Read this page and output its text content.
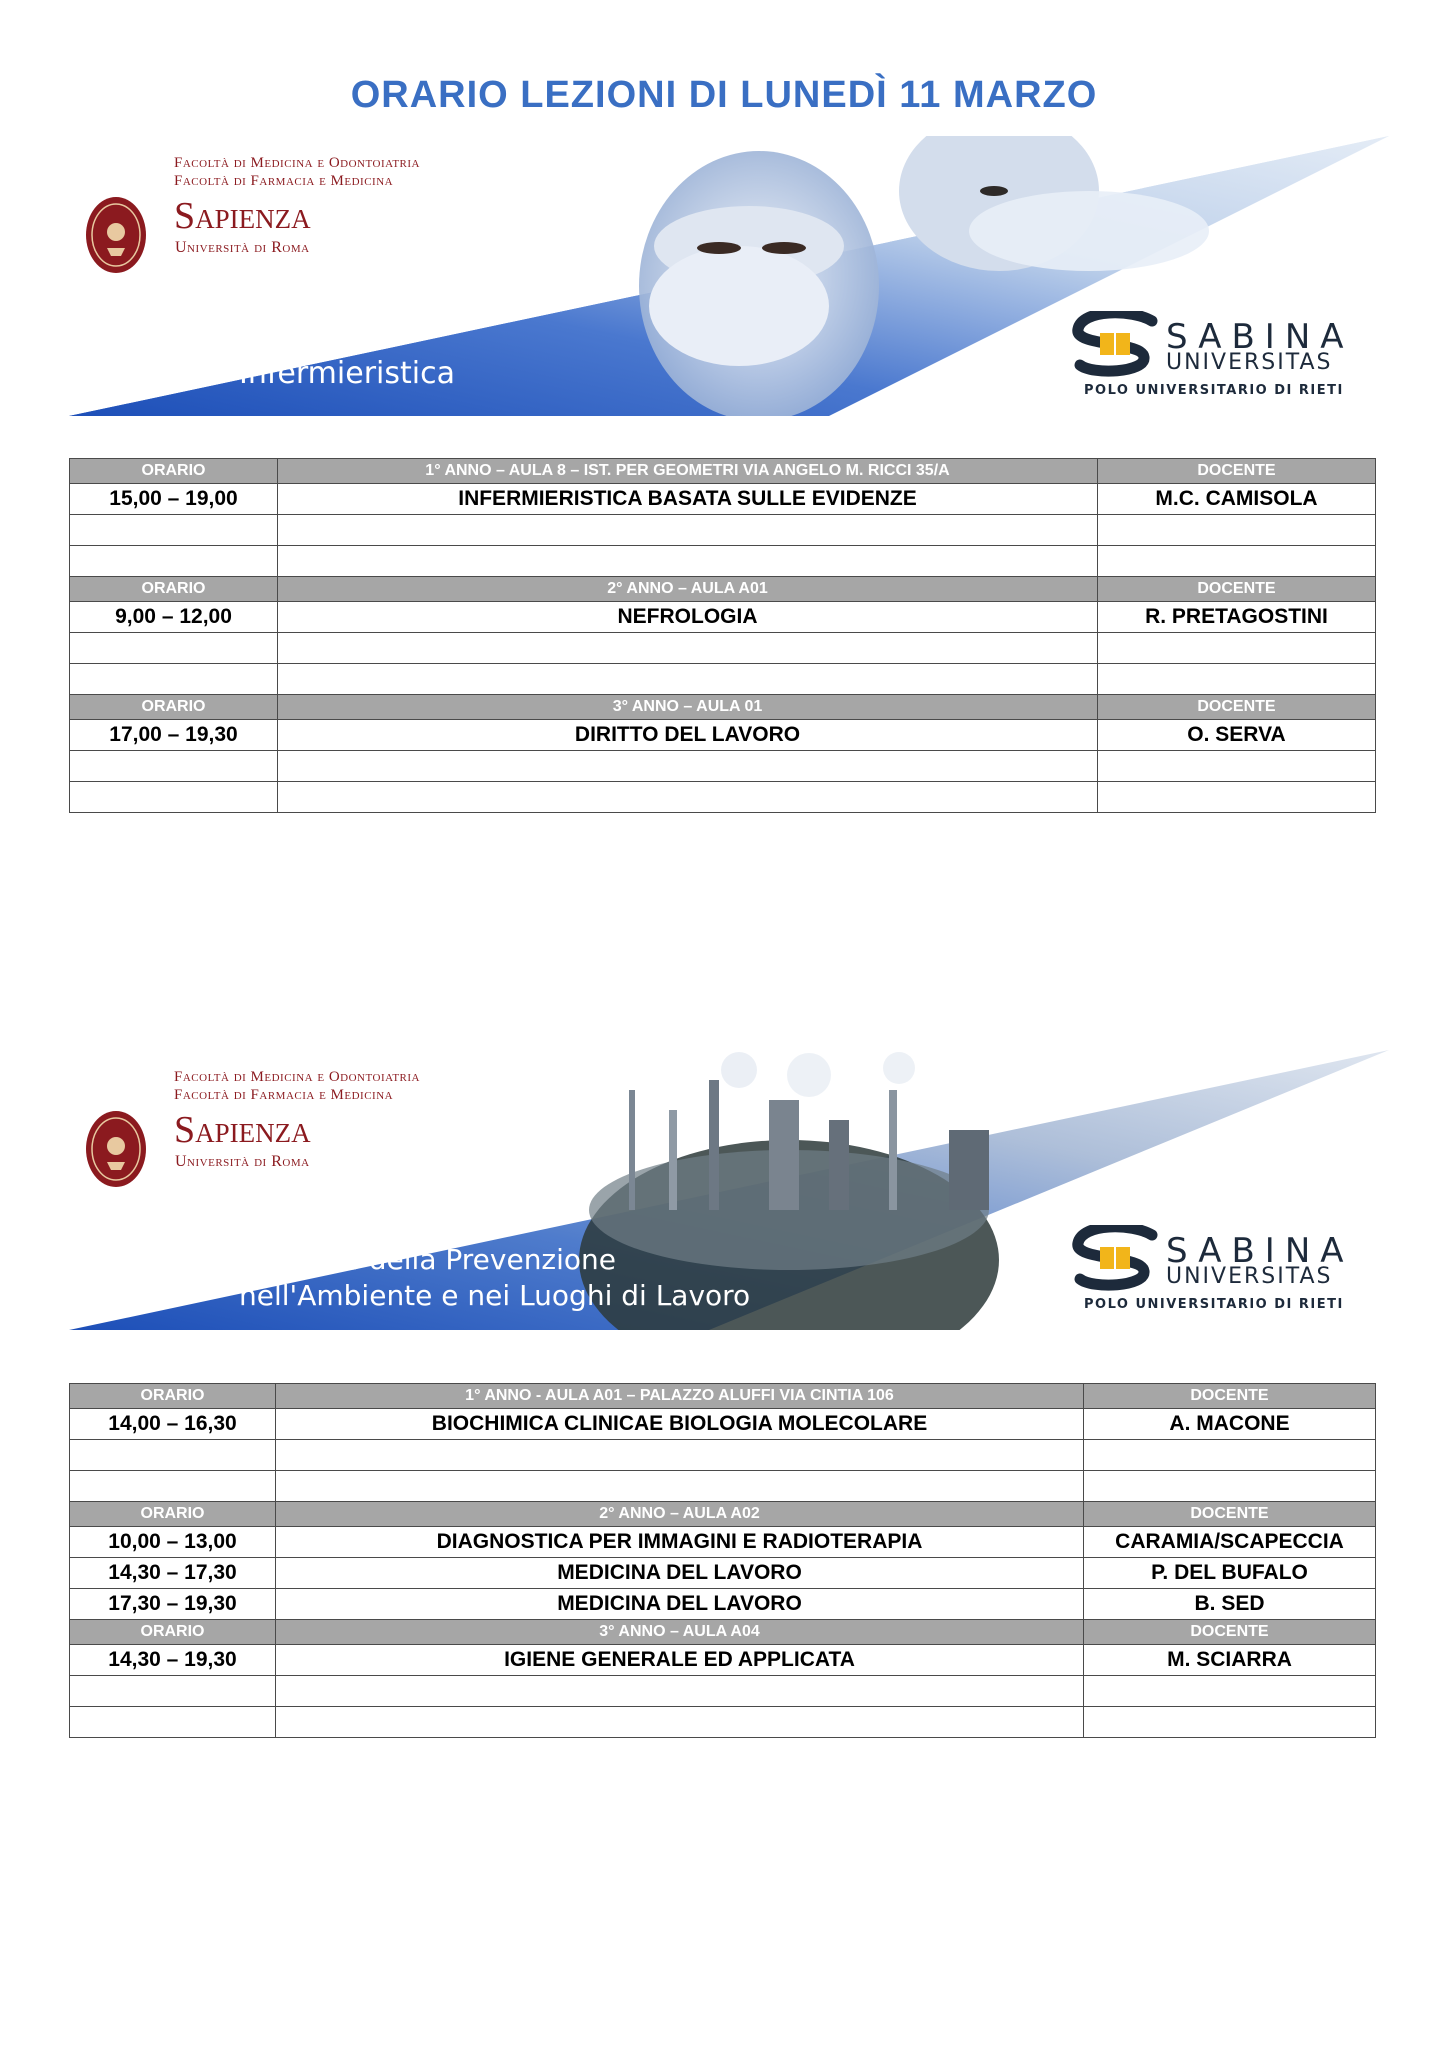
ORARIO LEZIONI DI LUNEDÌ 11 MARZO
Facoltà di Medicina e Odontoiatria
Facoltà di Farmacia e Medicina
Sapienza
Università di Roma
Infermieristica
SABINA
UNIVERSITAS
POLO UNIVERSITARIO DI RIETI
ORARIO	1° ANNO – AULA 8 – IST. PER GEOMETRI VIA ANGELO M. RICCI 35/A	DOCENTE
15,00 – 19,00	INFERMIERISTICA BASATA SULLE EVIDENZE	M.C. CAMISOLA

ORARIO	2° ANNO – AULA A01	DOCENTE
9,00 – 12,00	NEFROLOGIA	R. PRETAGOSTINI

ORARIO	3° ANNO – AULA 01	DOCENTE
17,00 – 19,30	DIRITTO DEL LAVORO	O. SERVA

Facoltà di Medicina e Odontoiatria
Facoltà di Farmacia e Medicina
Sapienza
Università di Roma
Tecniche della Prevenzione
nell'Ambiente e nei Luoghi di Lavoro
SABINA
UNIVERSITAS
POLO UNIVERSITARIO DI RIETI
ORARIO	1° ANNO - AULA A01 – PALAZZO ALUFFI VIA CINTIA 106	DOCENTE
14,00 – 16,30	BIOCHIMICA CLINICAE BIOLOGIA MOLECOLARE	A. MACONE

ORARIO	2° ANNO – AULA A02	DOCENTE
10,00 – 13,00	DIAGNOSTICA PER IMMAGINI E RADIOTERAPIA	CARAMIA/SCAPECCIA
14,30 – 17,30	MEDICINA DEL LAVORO	P. DEL BUFALO
17,30 – 19,30	MEDICINA DEL LAVORO	B. SED
ORARIO	3° ANNO – AULA A04	DOCENTE
14,30 – 19,30	IGIENE GENERALE ED APPLICATA	M. SCIARRA
